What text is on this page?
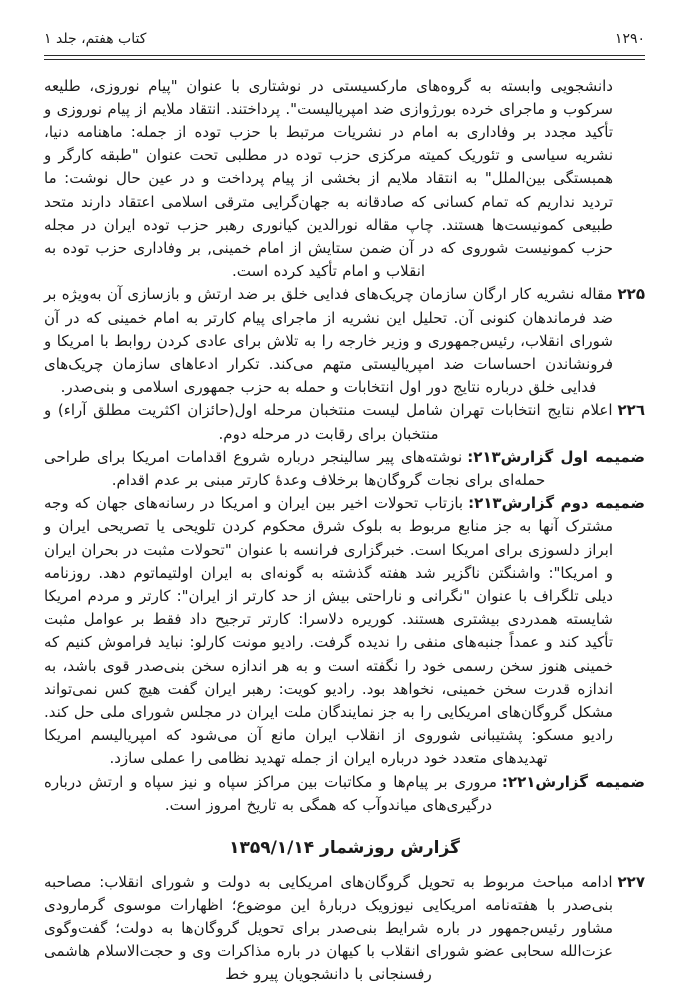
کتاب هفتم، جلد ۱	۱۲۹۰

دانشجویی وابسته به گروه‌های مارکسیستی در نوشتاری با عنوان "پیام نوروزی، طلیعه سرکوب و ماجرای خرده بورژوازی ضد امپریالیست". پرداختند. انتقاد ملایم از پیام نوروزی و تأکید مجدد بر وفاداری به امام در نشریات مرتبط با حزب توده از جمله: ماهنامه دنیا، نشریه سیاسی و تئوریک کمیته مرکزی حزب توده در مطلبی تحت عنوان "طبقه کارگر و همبستگی بین‌الملل" به انتقاد ملایم از بخشی از پیام پرداخت و در عین حال نوشت: ما تردید نداریم که تمام کسانی که صادقانه به جهان‌گرایی مترقی اسلامی اعتقاد دارند متحد طبیعی کمونیست‌ها هستند. چاپ مقاله نورالدین کیانوری رهبر حزب توده ایران در مجله حزب کمونیست شوروی که در آن ضمن ستایش از امام خمینی, بر وفاداری حزب توده به انقلاب و امام تأکید کرده است.

۲۲۵مقاله نشریه کار ارگان سازمان چریک‌های فدایی خلق بر ضد ارتش و بازسازی آن به‌ویژه بر ضد فرماندهان کنونی آن. تحلیل این نشریه از ماجرای پیام کارتر به امام خمینی که در آن شورای انقلاب، رئیس‌جمهوری و وزیر خارجه را به تلاش برای عادی کردن روابط با امریکا و فرونشاندن احساسات ضد امپریالیستی متهم می‌کند. تکرار ادعاهای سازمان چریک‌های فدایی خلق درباره نتایج دور اول انتخابات و حمله به حزب جمهوری اسلامی و بنی‌صدر.

۲۲٦اعلام نتایج انتخابات تهران شامل لیست منتخبان مرحله اول(حائزان اکثریت مطلق آراء) و منتخبان برای رقابت در مرحله دوم.

ضمیمه اول گزارش۲۱۳:نوشته‌های پیر سالینجر درباره شروع اقدامات امریکا برای طراحی حمله‌ای برای نجات گروگان‌ها برخلاف وعدۀ کارتر مبنی بر عدم اقدام.

ضمیمه دوم گزارش۲۱۳:بازتاب تحولات اخیر بین ایران و امریکا در رسانه‌های جهان که وجه مشترک آنها به جز منابع مربوط به بلوک شرق محکوم کردن تلویحی یا تصریحی ایران و ابراز دلسوزی برای امریکا است. خبرگزاری فرانسه با عنوان "تحولات مثبت در بحران ایران و امریکا": واشنگتن ناگزیر شد هفته گذشته به گونه‌ای به ایران اولتیماتوم دهد. روزنامه دیلی تلگراف با عنوان "نگرانی و ناراحتی بیش از حد کارتر از ایران": کارتر و مردم امریکا شایسته همدردی بیشتری هستند. کوریره دلاسرا: کارتر ترجیح داد فقط بر عوامل مثبت تأکید کند و عمداً جنبه‌های منفی را ندیده گرفت. رادیو مونت کارلو: نباید فراموش کنیم که خمینی هنوز سخن رسمی خود را نگفته است و به هر اندازه سخن بنی‌صدر قوی باشد، به اندازه قدرت سخن خمینی، نخواهد بود. رادیو کویت: رهبر ایران گفت هیچ کس نمی‌تواند مشکل گروگان‌های امریکایی را به جز نمایندگان ملت ایران در مجلس شورای ملی حل کند. رادیو مسکو: پشتیبانی شوروی از انقلاب ایران مانع آن می‌شود که امپریالیسم امریکا تهدیدهای متعدد خود درباره ایران از جمله تهدید نظامی را عملی سازد.

ضمیمه گزارش۲۲۱:مروری بر پیام‌ها و مکاتبات بین مراکز سپاه و نیز سپاه و ارتش درباره درگیری‌های میاندوآب که همگی به تاریخ امروز است.

گزارش روزشمار ۱۳۵۹/۱/۱۴

۲۲۷ادامه مباحث مربوط به تحویل گروگان‌های امریکایی به دولت و شورای انقلاب: مصاحبه بنی‌صدر با هفته‌نامه امریکایی نیوزویک دربارۀ این موضوع؛ اظهارات موسوی گرمارودی مشاور رئیس‌جمهور در باره شرایط بنی‌صدر برای تحویل گروگان‌ها به دولت؛ گفت‌وگوی عزت‌الله سحابی عضو شورای انقلاب با کیهان در باره مذاکرات وی و حجت‌الاسلام هاشمی رفسنجانی با دانشجویان پیرو خط
